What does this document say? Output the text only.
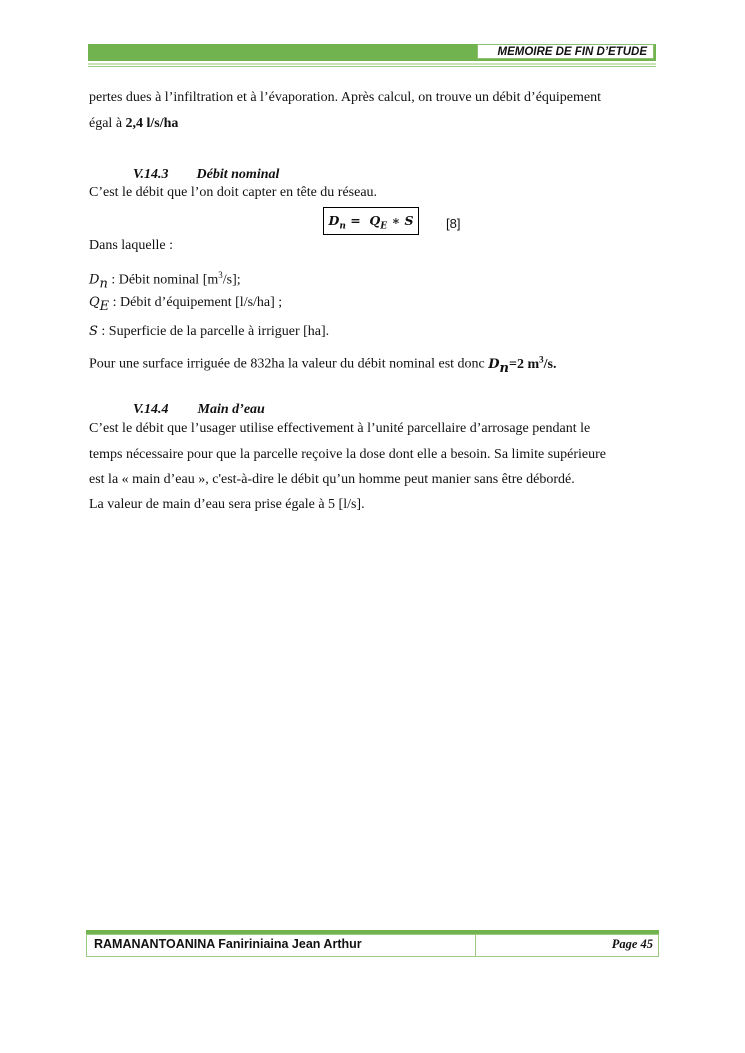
MEMOIRE DE FIN D’ETUDE
pertes dues à l’infiltration et à l’évaporation. Après calcul, on trouve un débit d’équipement
égal à 2,4 l/s/ha
V.14.3 Débit nominal
C’est le débit que l’on doit capter en tête du réseau.
$D_n = Q_E$ ∗ S	[8]
Dans laquelle :
$D_n$ : Débit nominal $[m^3/s]$;
$Q_E$ : Débit d’équipement [l/s/ha] ;
S : Superficie de la parcelle à irriguer [ha].
Pour une surface irriguée de 832ha la valeur du débit nominal est donc $D_n=2$ $m^3/s$.
V.14.4 Main d’eau
C’est le débit que l’usager utilise effectivement à l’unité parcellaire d’arrosage pendant le
temps nécessaire pour que la parcelle reçoive la dose dont elle a besoin. Sa limite supérieure
est la « main d’eau », c'est-à-dire le débit qu’un homme peut manier sans être débordé.
La valeur de main d’eau sera prise égale à 5 [l/s].
RAMANANTOANINA Faniriniaina Jean Arthur	Page 45
